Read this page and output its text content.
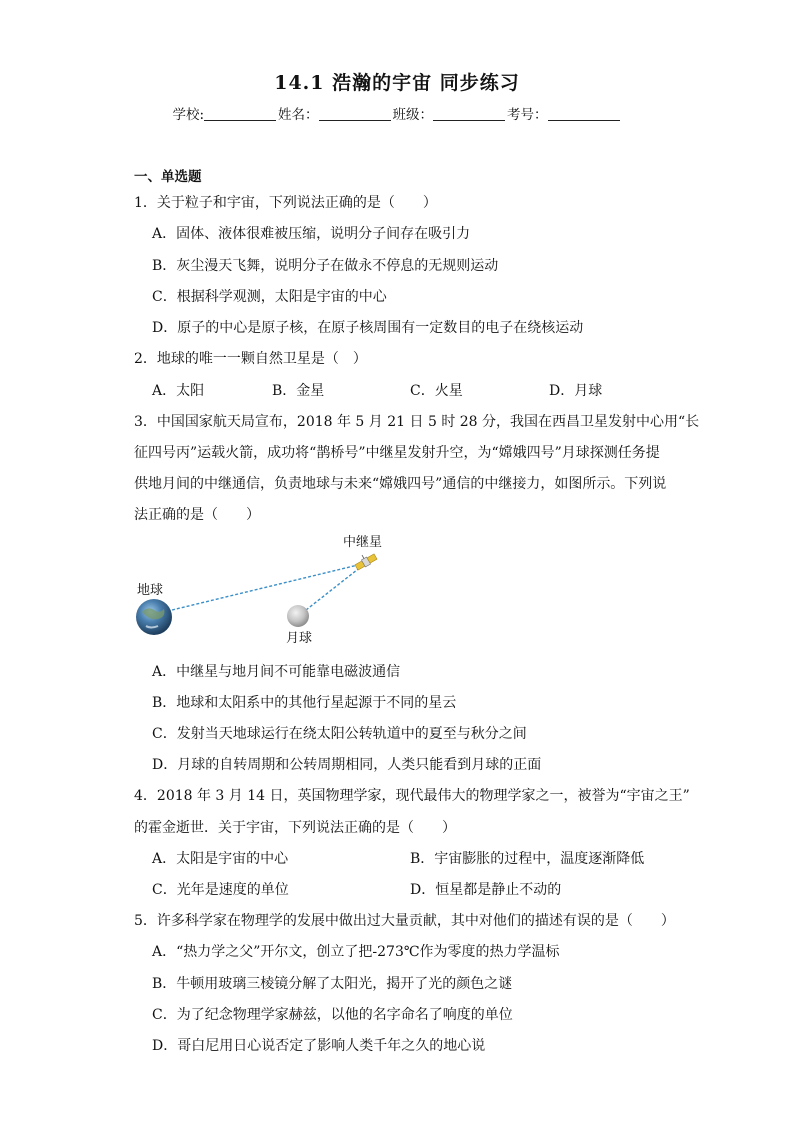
14.1 浩瀚的宇宙 同步练习
学校:	姓名：	班级：	考号：
一、单选题
1．关于粒子和宇宙，下列说法正确的是（　　）
A．固体、液体很难被压缩，说明分子间存在吸引力
B．灰尘漫天飞舞，说明分子在做永不停息的无规则运动
C．根据科学观测，太阳是宇宙的中心
D．原子的中心是原子核，在原子核周围有一定数目的电子在绕核运动
2．地球的唯一一颗自然卫星是（　）
A．太阳	B．金星	C．火星	D．月球
3．中国国家航天局宣布，2018 年 5 月 21 日 5 时 28 分，我国在西昌卫星发射中心用“长
征四号丙”运载火箭，成功将“鹊桥号”中继星发射升空，为“嫦娥四号”月球探测任务提
供地月间的中继通信，负责地球与未来“嫦娥四号”通信的中继接力，如图所示。下列说
法正确的是（　　）
中继星
地球
月球
A．中继星与地月间不可能靠电磁波通信
B．地球和太阳系中的其他行星起源于不同的星云
C．发射当天地球运行在绕太阳公转轨道中的夏至与秋分之间
D．月球的自转周期和公转周期相同，人类只能看到月球的正面
4．2018 年 3 月 14 日，英国物理学家，现代最伟大的物理学家之一，被誉为“宇宙之王”
的霍金逝世．关于宇宙，下列说法正确的是（　　）
A．太阳是宇宙的中心	B．宇宙膨胀的过程中，温度逐渐降低
C．光年是速度的单位	D．恒星都是静止不动的
5．许多科学家在物理学的发展中做出过大量贡献，其中对他们的描述有误的是（　　）
A．“热力学之父”开尔文，创立了把-273℃作为零度的热力学温标
B．牛顿用玻璃三棱镜分解了太阳光，揭开了光的颜色之谜
C．为了纪念物理学家赫兹，以他的名字命名了响度的单位
D．哥白尼用日心说否定了影响人类千年之久的地心说
